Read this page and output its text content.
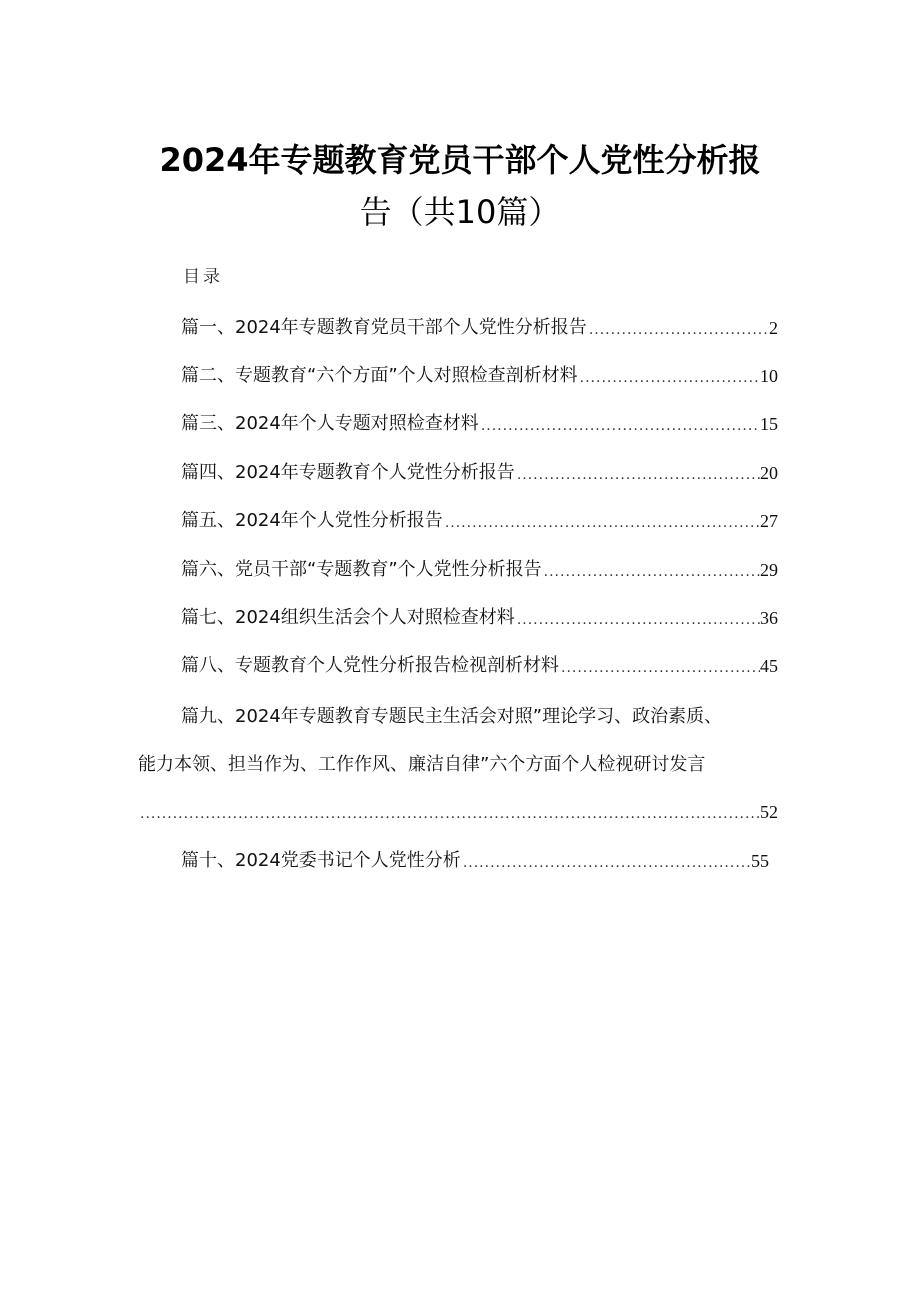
2024年专题教育党员干部个人党性分析报
告（共10篇）
目录
篇一、2024年专题教育党员干部个人党性分析报告 .....	2
篇二、专题教育“六个方面”个人对照检查剖析材料 .....	10
篇三、2024年个人专题对照检查材料 .....	15
篇四、2024年专题教育个人党性分析报告 .....	20
篇五、2024年个人党性分析报告 .....	27
篇六、党员干部“专题教育”个人党性分析报告 .....	29
篇七、2024组织生活会个人对照检查材料 .....	36
篇八、专题教育个人党性分析报告检视剖析材料 .....	45
篇九、2024年专题教育专题民主生活会对照”理论学习、政治素质、
能力本领、担当作为、工作作风、廉洁自律”六个方面个人检视研讨发言
.....
52
篇十、2024党委书记个人党性分析 .....	55
